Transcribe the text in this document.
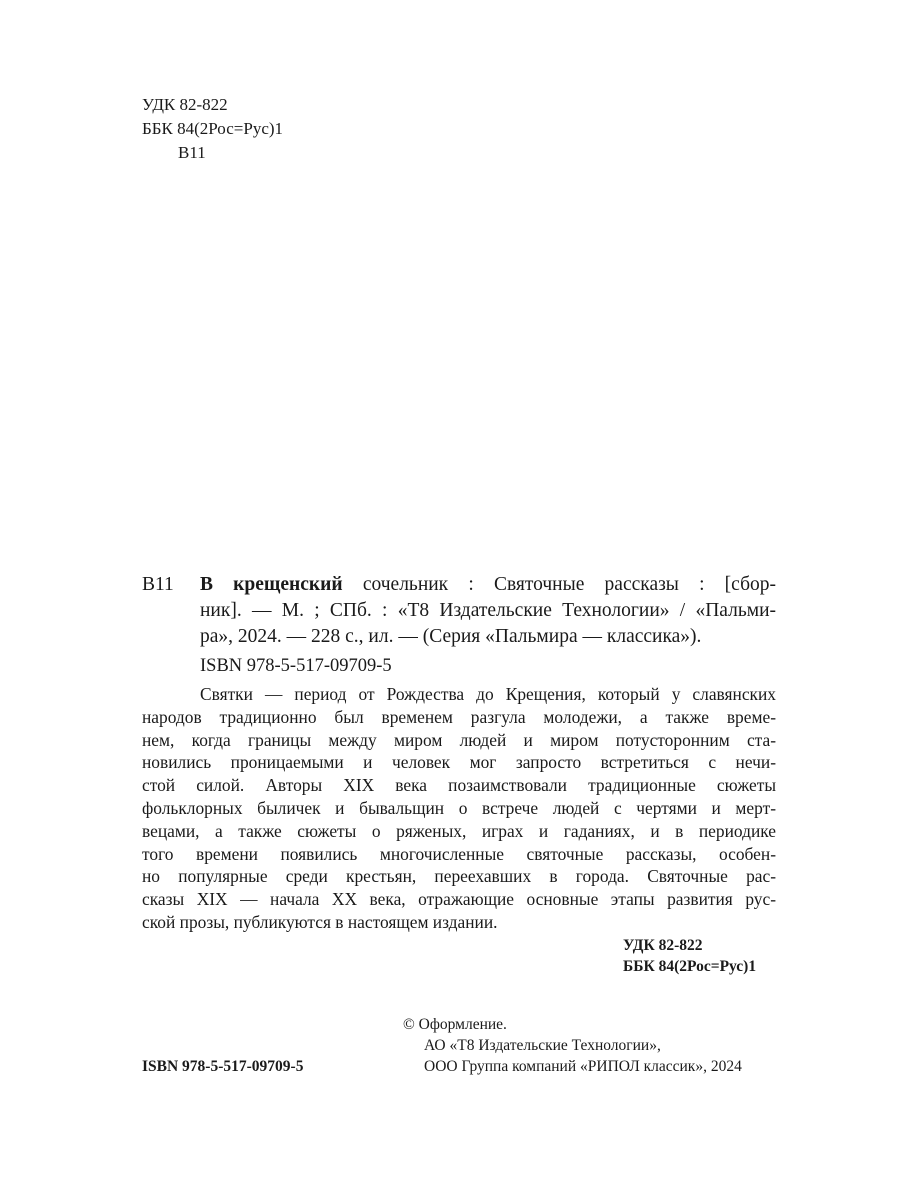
УДК 82-822
ББК 84(2Рос=Рус)1
В11
В11 В крещенский сочельник : Святочные рассказы : [сбор-
ник]. — М. ; СПб. : «Т8 Издательские Технологии» / «Пальми-
ра», 2024. — 228 с., ил. — (Серия «Пальмира — классика»).
ISBN 978-5-517-09709-5
Святки — период от Рождества до Крещения, который у славянских
народов традиционно был временем разгула молодежи, а также време-
нем, когда границы между миром людей и миром потусторонним ста-
новились проницаемыми и человек мог запросто встретиться с нечи-
стой силой. Авторы XIX века позаимствовали традиционные сюжеты
фольклорных быличек и бывальщин о встрече людей с чертями и мерт-
вецами, а также сюжеты о ряженых, играх и гаданиях, и в периодике
того времени появились многочисленные святочные рассказы, особен-
но популярные среди крестьян, переехавших в города. Святочные рас-
сказы XIX — начала XX века, отражающие основные этапы развития рус-
ской прозы, публикуются в настоящем издании.
УДК 82-822
ББК 84(2Рос=Рус)1
© Оформление.
АО «Т8 Издательские Технологии»,
ООО Группа компаний «РИПОЛ классик», 2024
ISBN 978-5-517-09709-5
